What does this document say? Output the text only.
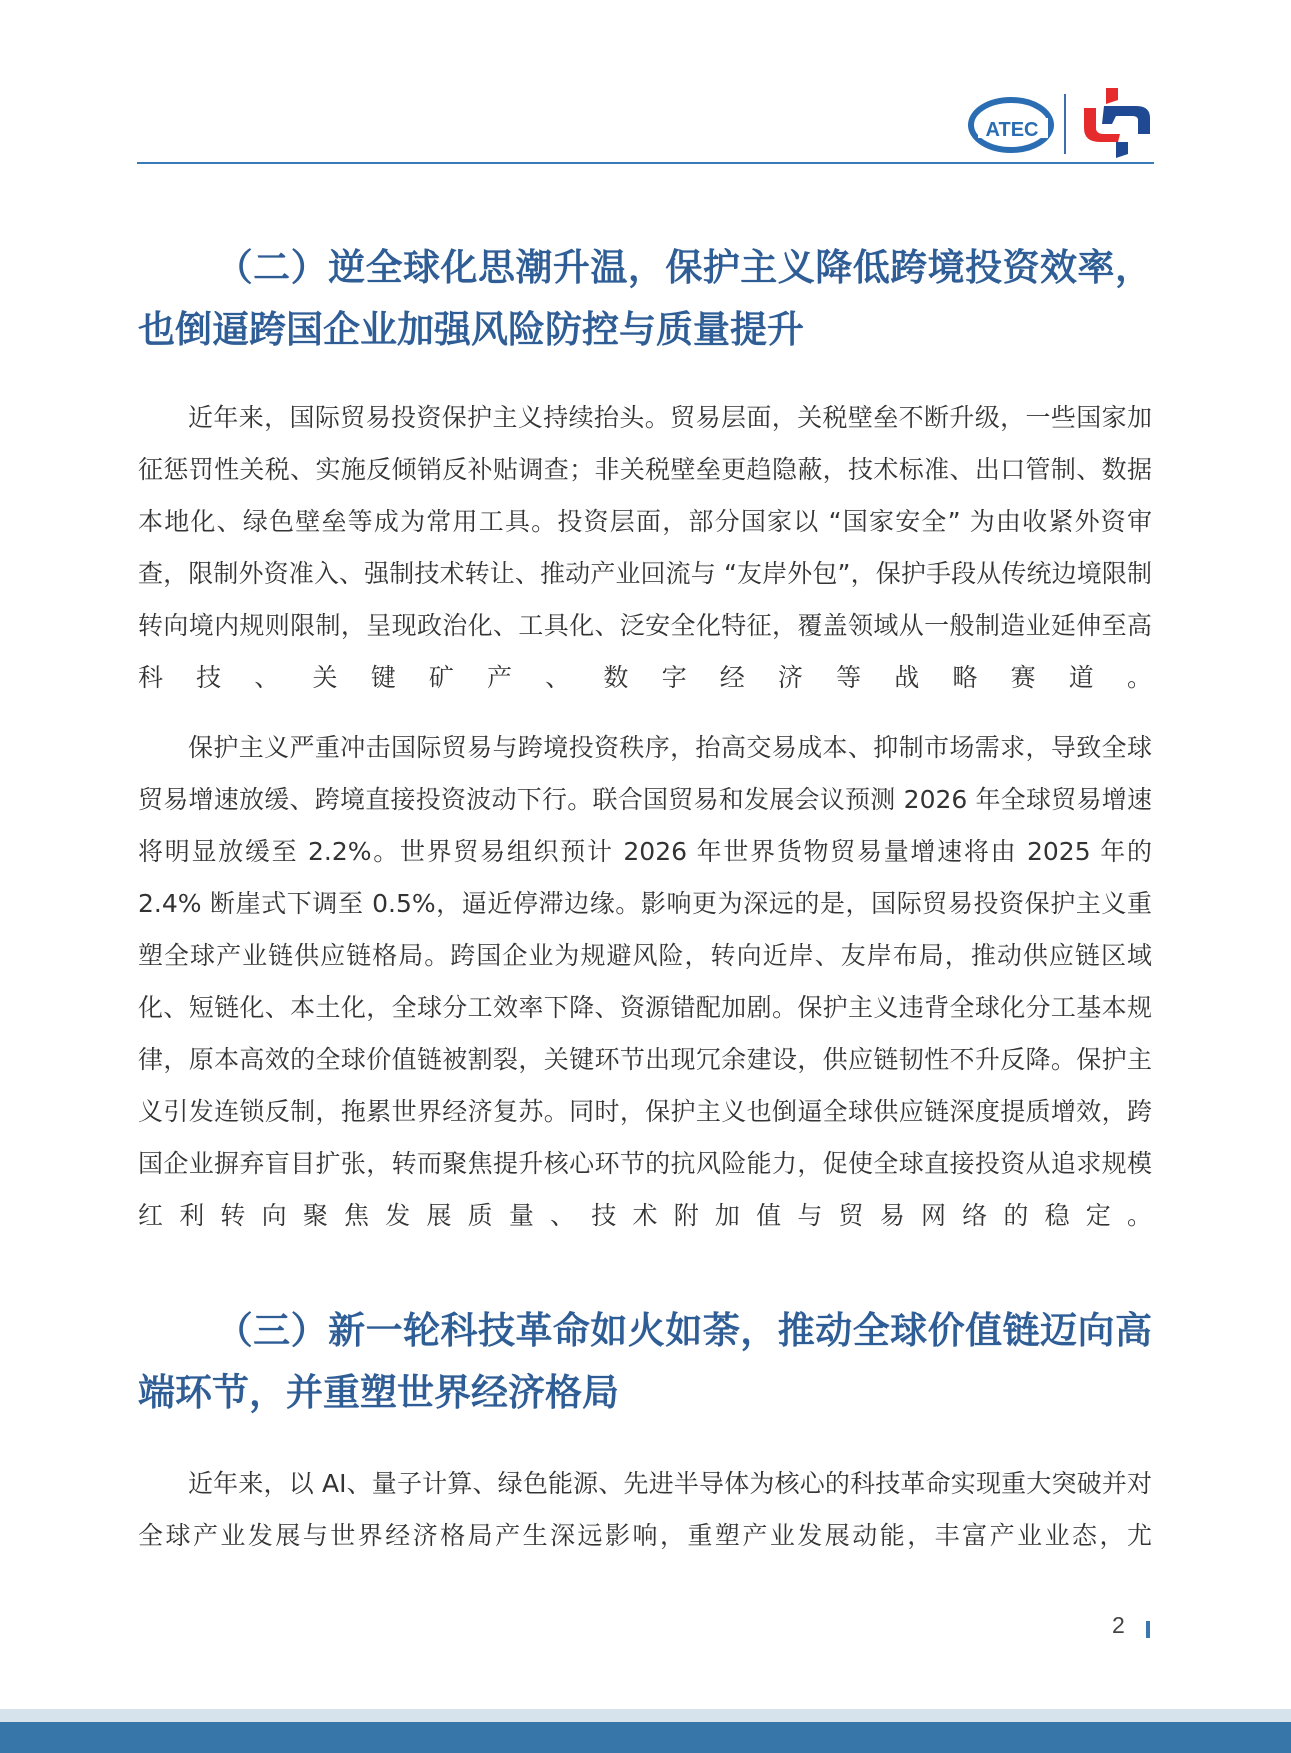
ATEC
（二）逆全球化思潮升温，保护主义降低跨境投资效率，也倒逼跨国企业加强风险防控与质量提升

近年来，国际贸易投资保护主义持续抬头。贸易层面，关税壁垒不断升级，一些国家加征惩罚性关税、实施反倾销反补贴调查；非关税壁垒更趋隐蔽，技术标准、出口管制、数据本地化、绿色壁垒等成为常用工具。投资层面，部分国家以 “国家安全” 为由收紧外资审查，限制外资准入、强制技术转让、推动产业回流与 “友岸外包”，保护手段从传统边境限制转向境内规则限制，呈现政治化、工具化、泛安全化特征，覆盖领域从一般制造业延伸至高科技、关键矿产、数字经济等战略赛道。

保护主义严重冲击国际贸易与跨境投资秩序，抬高交易成本、抑制市场需求，导致全球贸易增速放缓、跨境直接投资波动下行。联合国贸易和发展会议预测 2026 年全球贸易增速将明显放缓至 2.2%。世界贸易组织预计 2026 年世界货物贸易量增速将由 2025 年的 2.4% 断崖式下调至 0.5%，逼近停滞边缘。影响更为深远的是，国际贸易投资保护主义重塑全球产业链供应链格局。跨国企业为规避风险，转向近岸、友岸布局，推动供应链区域化、短链化、本土化，全球分工效率下降、资源错配加剧。保护主义违背全球化分工基本规律，原本高效的全球价值链被割裂，关键环节出现冗余建设，供应链韧性不升反降。保护主义引发连锁反制，拖累世界经济复苏。同时，保护主义也倒逼全球供应链深度提质增效，跨国企业摒弃盲目扩张，转而聚焦提升核心环节的抗风险能力，促使全球直接投资从追求规模红利转向聚焦发展质量、技术附加值与贸易网络的稳定。

（三）新一轮科技革命如火如荼，推动全球价值链迈向高端环节，并重塑世界经济格局

近年来，以 AI、量子计算、绿色能源、先进半导体为核心的科技革命实现重大突破并对全球产业发展与世界经济格局产生深远影响，重塑产业发展动能，丰富产业业态，尤

2
